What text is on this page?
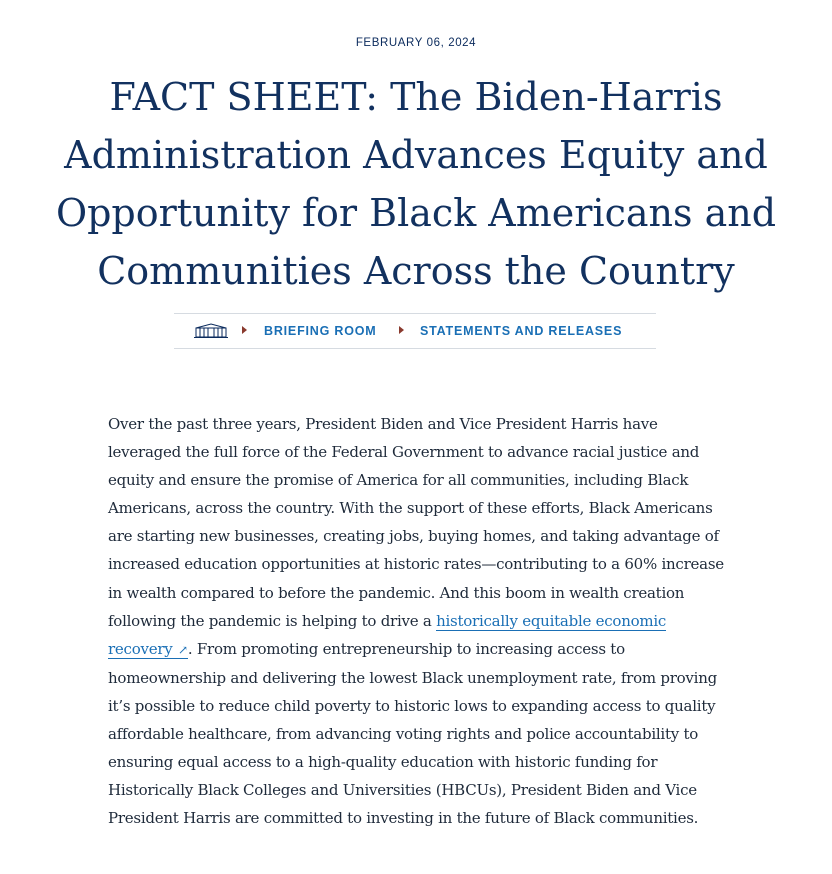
FEBRUARY 06, 2024
FACT SHEET: The Biden-Harris Administration Advances Equity and Opportunity for Black Americans and Communities Across the Country
BRIEFING ROOM	STATEMENTS AND RELEASES

Over the past three years, President Biden and Vice President Harris have leveraged the full force of the Federal Government to advance racial justice and equity and ensure the promise of America for all communities, including Black Americans, across the country. With the support of these efforts, Black Americans are starting new businesses, creating jobs, buying homes, and taking advantage of increased education opportunities at historic rates—contributing to a 60% increase in wealth compared to before the pandemic. And this boom in wealth creation following the pandemic is helping to drive a historically equitable economic recovery ↗. From promoting entrepreneurship to increasing access to homeownership and delivering the lowest Black unemployment rate, from proving it’s possible to reduce child poverty to historic lows to expanding access to quality affordable healthcare, from advancing voting rights and police accountability to ensuring equal access to a high-quality education with historic funding for Historically Black Colleges and Universities (HBCUs), President Biden and Vice President Harris are committed to investing in the future of Black communities.
